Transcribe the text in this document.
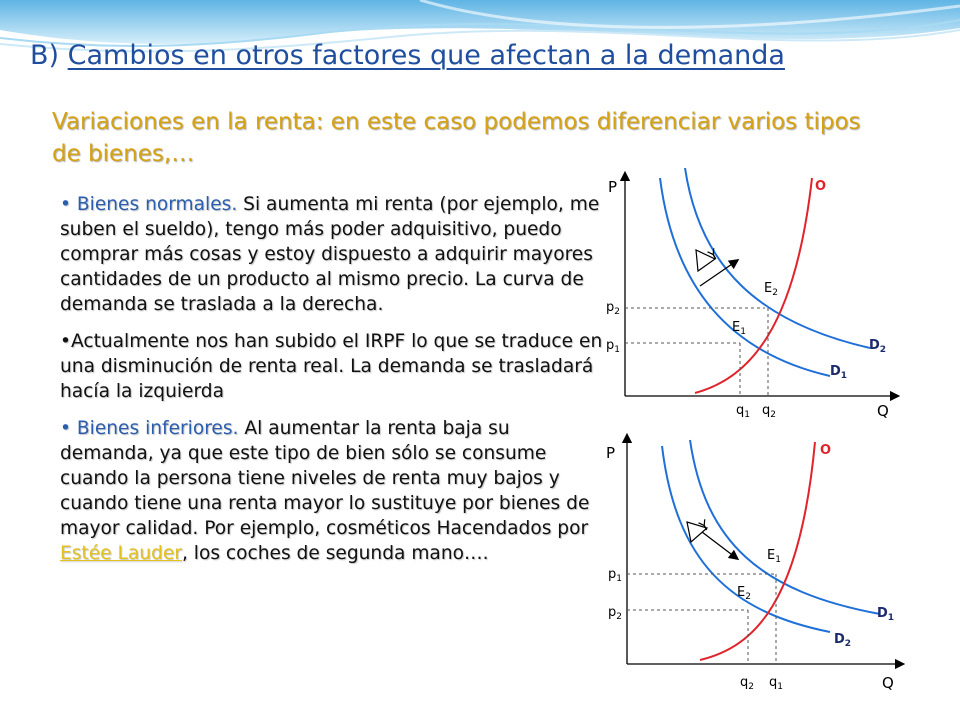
B) Cambios en otros factores que afectan a la demanda
Variaciones en la renta: en este caso podemos diferenciar varios tipos de bienes,…

• Bienes normales. Si aumenta mi renta (por ejemplo, me suben el sueldo), tengo más poder adquisitivo, puedo comprar más cosas y estoy dispuesto a adquirir mayores cantidades de un producto al mismo precio. La curva de demanda se traslada a la derecha.

•Actualmente nos han subido el IRPF lo que se traduce en una disminución de renta real. La demanda se trasladará hacía la izquierda

• Bienes inferiores. Al aumentar la renta baja su demanda, ya que este tipo de bien sólo se consume cuando la persona tiene niveles de renta muy bajos y cuando tiene una renta mayor lo sustituye por bienes de mayor calidad. Por ejemplo, cosméticos Hacendados por Estée Lauder, los coches de segunda mano….

P
Q
O
$D_2$
$D_1$
$E_2$
$E_1$
$p_2$
$p_1$
$q_1$ $q_2$
Y
P
Q
O
$D_1$
$D_2$
$E_1$
$E_2$
$p_1$
$p_2$
$q_2$ $q_1$
Y
